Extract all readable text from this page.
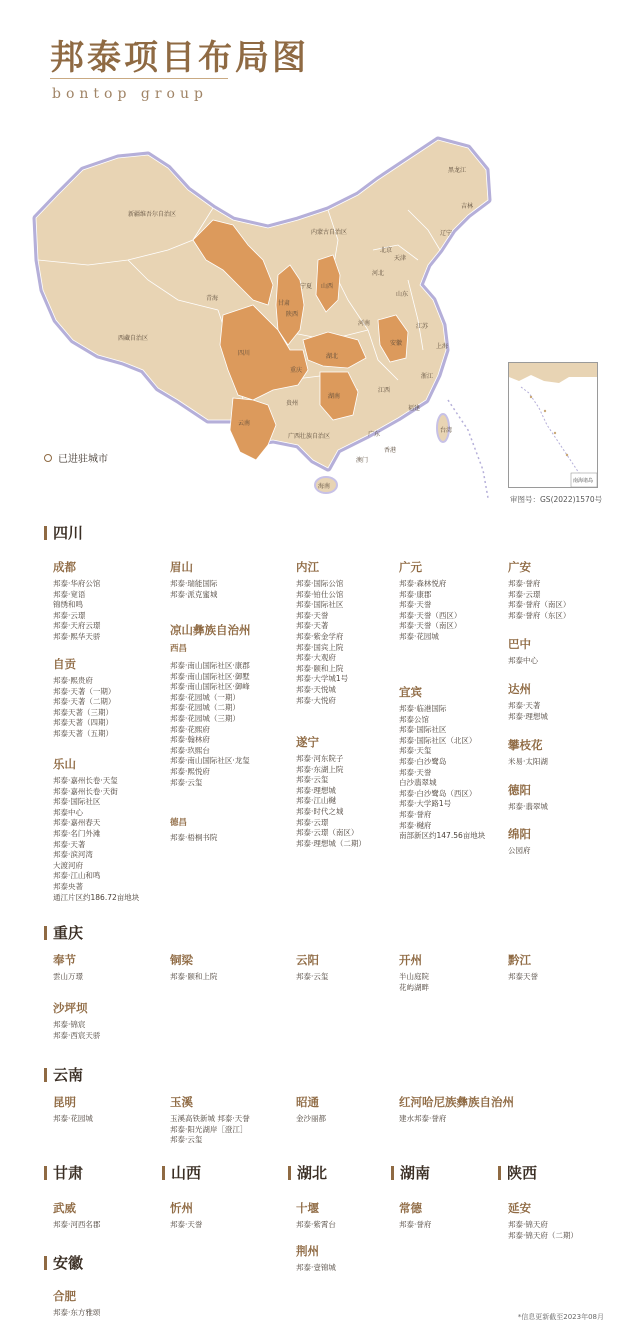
邦泰项目布局图
bontop group
新疆维吾尔自治区
西藏自治区
青海
甘肃
内蒙古自治区
黑龙江
吉林
辽宁
北京
天津
河北
山西
山东
宁夏
陕西
河南	江苏
安徽	上海
四川
重庆
湖北
浙江
贵州
湖南
江西
福建
云南
广西壮族自治区	广东
台湾
香港
澳门
海南
已进驻城市
南海诸岛
审图号：GS(2022)1570号
四川
成都
邦泰·华府公馆
邦泰·宽语
锦绣和鸣
邦泰·云璟
邦泰·天府云璟
邦泰·熙华天骄
自贡
邦泰·熙贵府
邦泰·天著（一期）
邦泰·天著（二期）
邦泰天著（三期）
邦泰天著（四期）
邦泰天著（五期）
乐山
邦泰·嘉州长卷·天玺
邦泰·嘉州长卷·天街
邦泰·国际社区
邦泰中心
邦泰·嘉州春天
邦泰·名门外滩
邦泰·天著
邦泰·滨河湾
大渡河府
邦泰·江山和鸣
邦泰央著
通江片区约186.72亩地块
眉山
邦泰·瑞能国际
邦泰·派克蜜城
凉山彝族自治州
西昌
邦泰·南山国际社区·康郡
邦泰·南山国际社区·御墅
邦泰·南山国际社区·御峰
邦泰·花园城（一期）
邦泰·花园城（二期）
邦泰·花园城（三期）
邦泰·花熙府
邦泰·翰林府
邦泰·玖熙台
邦泰·南山国际社区·龙玺
邦泰·熙悦府
邦泰·云玺
德昌
邦泰·梧桐书院
内江
邦泰·国际公馆
邦泰·铂仕公馆
邦泰·国际社区
邦泰·天誉
邦泰·天著
邦泰·紫金学府
邦泰·国宾上院
邦泰·大观府
邦泰·颐和上院
邦泰·大学城1号
邦泰·天悦城
邦泰·大悦府
遂宁
邦泰·河东院子
邦泰·东湖上院
邦泰·云玺
邦泰·理想城
邦泰·江山樾
邦泰·时代之城
邦泰·云璟
邦泰·云璟（南区）
邦泰·理想城（二期）
广元
邦泰·森林悦府
邦泰·康郡
邦泰·天誉
邦泰·天誉（西区）
邦泰·天誉（南区）
邦泰·花园城
宜宾
邦泰·临港国际
邦泰公馆
邦泰·国际社区
邦泰·国际社区（北区）
邦泰·天玺
邦泰·白沙鹭岛
邦泰·天誉
白沙翡翠城
邦泰·白沙鹭岛（西区）
邦泰·大学路1号
邦泰·誉府
邦泰·樾府
南部新区约147.56亩地块
广安
邦泰·誉府
邦泰·云璟
邦泰·誉府（南区）
邦泰·誉府（东区）
巴中
邦泰中心
达州
邦泰·天著
邦泰·理想城
攀枝花
米易·太阳湖
德阳
邦泰·翡翠城
绵阳
公园府
重庆
奉节
雲山万璟
铜梁
邦泰·颐和上院
云阳
邦泰·云玺
开州
半山庭院
花屿湖畔
黔江
邦泰天誉
沙坪坝
邦泰·锦宸
邦泰·西宸天骄
云南
昆明
邦泰·花园城
玉溪
玉溪高铁新城 邦泰·天誉
邦泰·阳光湖岸［澄江］
邦泰·云玺
昭通
金沙丽都
红河哈尼族彝族自治州
建水邦泰·誉府
甘肃
武威
邦泰·河西名郡
山西
忻州
邦泰·天誉
湖北
十堰
邦泰·紫霄台
荆州
邦泰·壹锦城
湖南
常德
邦泰·誉府
陕西
延安
邦泰·锦天府
邦泰·锦天府（二期）
安徽
合肥
邦泰·东方雅颂	*信息更新截至2023年08月
